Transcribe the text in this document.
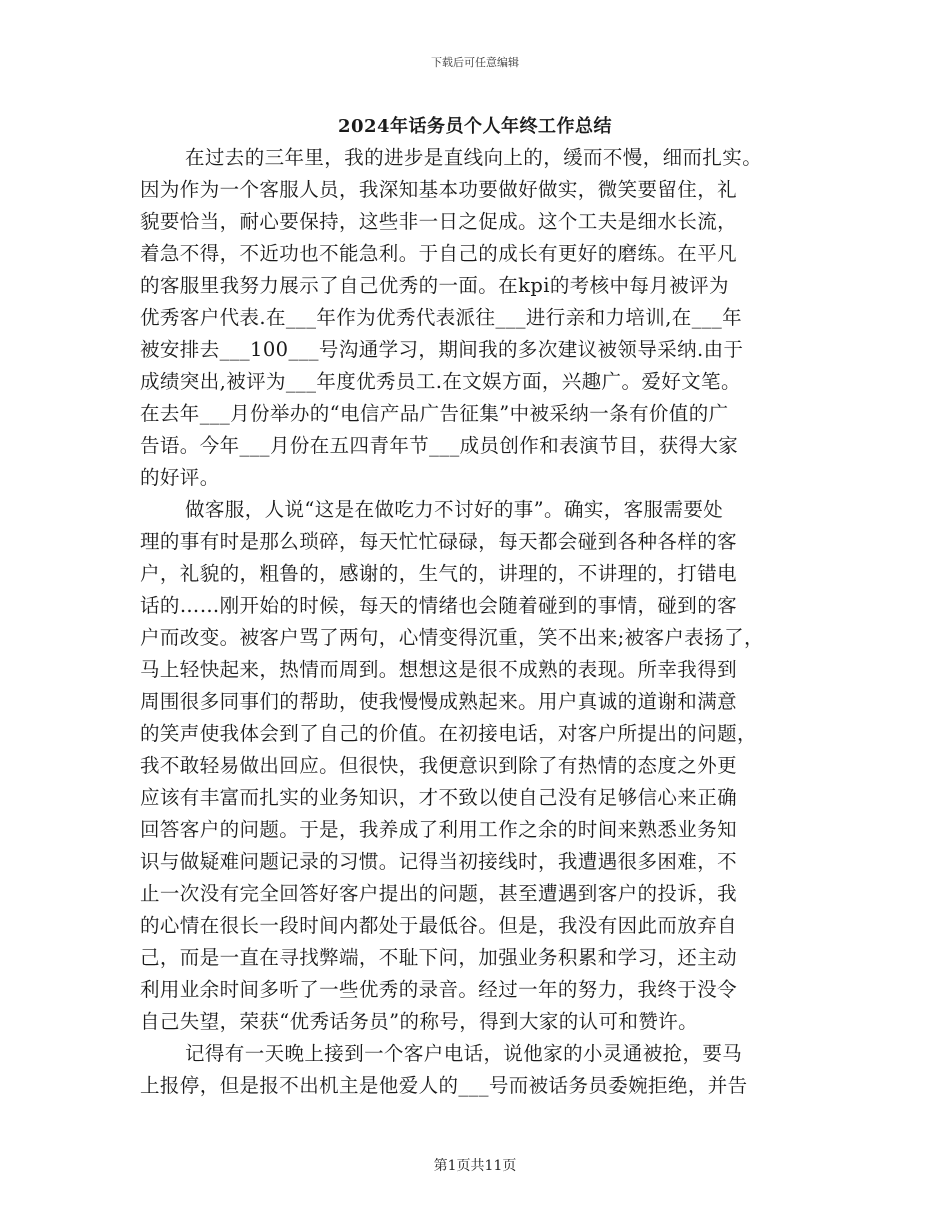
下载后可任意编辑
2024年话务员个人年终工作总结
在过去的三年里，我的进步是直线向上的，缓而不慢，细而扎实。
因为作为一个客服人员，我深知基本功要做好做实，微笑要留住，礼
貌要恰当，耐心要保持，这些非一日之促成。这个工夫是细水长流，
着急不得，不近功也不能急利。于自己的成长有更好的磨练。在平凡
的客服里我努力展示了自己优秀的一面。在kpi的考核中每月被评为
优秀客户代表.在___年作为优秀代表派往___进行亲和力培训,在___年
被安排去___100___号沟通学习，期间我的多次建议被领导采纳.由于
成绩突出,被评为___年度优秀员工.在文娱方面，兴趣广。爱好文笔。
在去年___月份举办的“电信产品广告征集”中被采纳一条有价值的广
告语。今年___月份在五四青年节___成员创作和表演节目，获得大家
的好评。
做客服，人说“这是在做吃力不讨好的事”。确实，客服需要处
理的事有时是那么琐碎，每天忙忙碌碌，每天都会碰到各种各样的客
户，礼貌的，粗鲁的，感谢的，生气的，讲理的，不讲理的，打错电
话的……刚开始的时候，每天的情绪也会随着碰到的事情，碰到的客
户而改变。被客户骂了两句，心情变得沉重，笑不出来;被客户表扬了，
马上轻快起来，热情而周到。想想这是很不成熟的表现。所幸我得到
周围很多同事们的帮助，使我慢慢成熟起来。用户真诚的道谢和满意
的笑声使我体会到了自己的价值。在初接电话，对客户所提出的问题，
我不敢轻易做出回应。但很快，我便意识到除了有热情的态度之外更
应该有丰富而扎实的业务知识，才不致以使自己没有足够信心来正确
回答客户的问题。于是，我养成了利用工作之余的时间来熟悉业务知
识与做疑难问题记录的习惯。记得当初接线时，我遭遇很多困难，不
止一次没有完全回答好客户提出的问题，甚至遭遇到客户的投诉，我
的心情在很长一段时间内都处于最低谷。但是，我没有因此而放弃自
己，而是一直在寻找弊端，不耻下问，加强业务积累和学习，还主动
利用业余时间多听了一些优秀的录音。经过一年的努力，我终于没令
自己失望，荣获“优秀话务员”的称号，得到大家的认可和赞许。
记得有一天晚上接到一个客户电话，说他家的小灵通被抢，要马
上报停，但是报不出机主是他爱人的___号而被话务员委婉拒绝，并告
第1页共11页
